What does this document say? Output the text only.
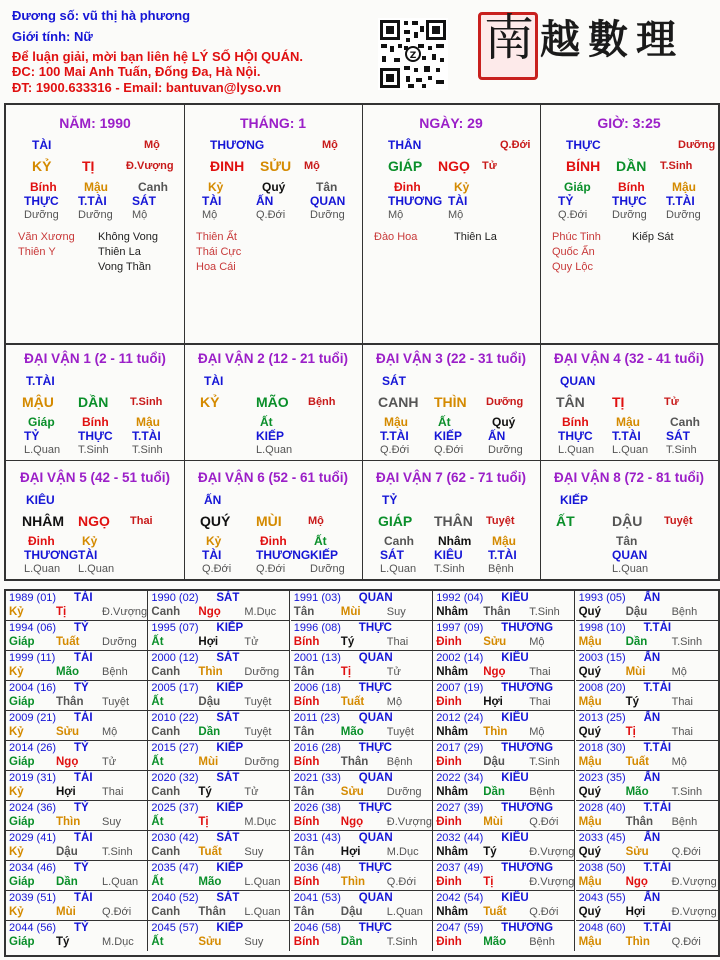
Đương số: vũ thị hà phương
Giới tính: Nữ
Để luận giải, mời bạn liên hệ LÝ SỐ HỘI QUÁN.
ĐC: 100 Mai Anh Tuấn, Đống Đa, Hà Nội.
ĐT: 1900.633316 - Email: bantuvan@lyso.vn
Z 南 越數理
NĂM: 1990
TÀI	Mộ
KỶ TỊ	Đ.Vượng
Bính
THỰC
Dưỡng
Mậu
T.TÀI
Dưỡng
Canh
SÁT
Mộ
Văn Xương
Thiên Y
Không Vong
Thiên La
Vong Thần
THÁNG: 1
THƯƠNG	Mộ
ĐINH SỬU Mộ
Kỷ
TÀI
Mộ
Quý
ẤN
Q.Đới
Tân
QUAN
Dưỡng
Thiên Ất
Thái Cực
Hoa Cái
NGÀY: 29
THÂN	Q.Đới
GIÁP NGỌ Tử
Đinh
THƯƠNG
Mộ
Kỷ
TÀI
Mộ
Đào Hoa	Thiên La
GIỜ: 3:25
THỰC	Dưỡng
BÍNH DẦN T.Sinh
Giáp
TỶ
Q.Đới
Bính
THỰC
Dưỡng
Mậu
T.TÀI
Dưỡng
Phúc Tinh
Quốc Ấn
Quy Lộc
Kiếp Sát
ĐẠI VẬN 1 (2 - 11 tuổi)
T.TÀI
MẬU DẦN T.Sinh
Giáp
TỶ
L.Quan
Bính
THỰC
T.Sinh
Mậu
T.TÀI
T.Sinh
ĐẠI VẬN 2 (12 - 21 tuổi)
TÀI
KỶ	MÃO Bệnh
Ất
KIẾP
L.Quan
ĐẠI VẬN 3 (22 - 31 tuổi)
SÁT
CANH THÌN Dưỡng
Mậu
T.TÀI
Q.Đới
Ất
KIẾP
Q.Đới
Quý
ẤN
Dưỡng
ĐẠI VẬN 4 (32 - 41 tuổi)
QUAN
TÂN TỊ	Tử
Bính
THỰC
L.Quan
Mậu
T.TÀI
L.Quan
Canh
SÁT
T.Sinh
ĐẠI VẬN 5 (42 - 51 tuổi)
KIÊU
NHÂM NGỌ Thai
Đinh
THƯƠNG
L.Quan
Kỷ
TÀI
L.Quan
ĐẠI VẬN 6 (52 - 61 tuổi)
ẤN
QUÝ MÙI Mộ
Kỷ
TÀI
Q.Đới
Đinh
THƯƠNG
Q.Đới
Ất
KIẾP
Dưỡng
ĐẠI VẬN 7 (62 - 71 tuổi)
TỶ
GIÁP THÂN Tuyệt
Canh
SÁT
L.Quan
Nhâm
KIÊU
T.Sinh
Mậu
T.TÀI
Bệnh
ĐẠI VẬN 8 (72 - 81 tuổi)
KIẾP
ẤT	DẬU Tuyệt
Tân
QUAN
L.Quan
1989 (01) TÀI
Kỷ	Tị	Đ.Vượng
1990 (02) SÁT
Canh Ngọ M.Dục
1991 (03) QUAN
Tân Mùi Suy
1992 (04) KIÊU
Nhâm Thân T.Sinh
1993 (05) ẤN
Quý Dậu Bệnh
1994 (06) TỶ
Giáp Tuất Dưỡng
1995 (07) KIẾP
Ất	Hợi Tử
1996 (08) THỰC
Bính Tý	Thai
1997 (09) THƯƠNG
Đinh Sửu Mộ
1998 (10) T.TÀI
Mậu Dần T.Sinh
1999 (11) TÀI
Kỷ	Mão Bệnh
2000 (12) SÁT
Canh Thìn Dưỡng
2001 (13) QUAN
Tân Tị	Tử
2002 (14) KIÊU
Nhâm Ngọ Thai
2003 (15) ẤN
Quý Mùi Mộ
2004 (16) TỶ
Giáp Thân Tuyệt
2005 (17) KIẾP
Ất	Dậu Tuyệt
2006 (18) THỰC
Bính Tuất Mộ
2007 (19) THƯƠNG
Đinh Hợi Thai
2008 (20) T.TÀI
Mậu Tý	Thai
2009 (21) TÀI
Kỷ	Sửu Mộ
2010 (22) SÁT
Canh Dần Tuyệt
2011 (23) QUAN
Tân Mão Tuyệt
2012 (24) KIÊU
Nhâm Thìn Mộ
2013 (25) ẤN
Quý Tị	Thai
2014 (26) TỶ
Giáp Ngọ Tử
2015 (27) KIẾP
Ất	Mùi Dưỡng
2016 (28) THỰC
Bính Thân Bệnh
2017 (29) THƯƠNG
Đinh Dậu T.Sinh
2018 (30) T.TÀI
Mậu Tuất Mộ
2019 (31) TÀI
Kỷ	Hợi Thai
2020 (32) SÁT
Canh Tý	Tử
2021 (33) QUAN
Tân Sửu Dưỡng
2022 (34) KIÊU
Nhâm Dần Bệnh
2023 (35) ẤN
Quý Mão T.Sinh
2024 (36) TỶ
Giáp Thìn Suy
2025 (37) KIẾP
Ất	Tị	M.Dục
2026 (38) THỰC
Bính Ngọ Đ.Vượng
2027 (39) THƯƠNG
Đinh Mùi Q.Đới
2028 (40) T.TÀI
Mậu Thân Bệnh
2029 (41) TÀI
Kỷ	Dậu T.Sinh
2030 (42) SÁT
Canh Tuất Suy
2031 (43) QUAN
Tân Hợi M.Dục
2032 (44) KIÊU
Nhâm Tý	Đ.Vượng
2033 (45) ẤN
Quý Sửu Q.Đới
2034 (46) TỶ
Giáp Dần L.Quan
2035 (47) KIẾP
Ất	Mão L.Quan
2036 (48) THỰC
Bính Thìn Q.Đới
2037 (49) THƯƠNG
Đinh Tị	Đ.Vượng
2038 (50) T.TÀI
Mậu Ngọ Đ.Vượng
2039 (51) TÀI
Kỷ	Mùi Q.Đới
2040 (52) SÁT
Canh Thân L.Quan
2041 (53) QUAN
Tân Dậu L.Quan
2042 (54) KIÊU
Nhâm Tuất Q.Đới
2043 (55) ẤN
Quý Hợi Đ.Vượng
2044 (56) TỶ
Giáp Tý	M.Dục
2045 (57) KIẾP
Ất	Sửu Suy
2046 (58) THỰC
Bính Dần T.Sinh
2047 (59) THƯƠNG
Đinh Mão Bệnh
2048 (60) T.TÀI
Mậu Thìn Q.Đới
